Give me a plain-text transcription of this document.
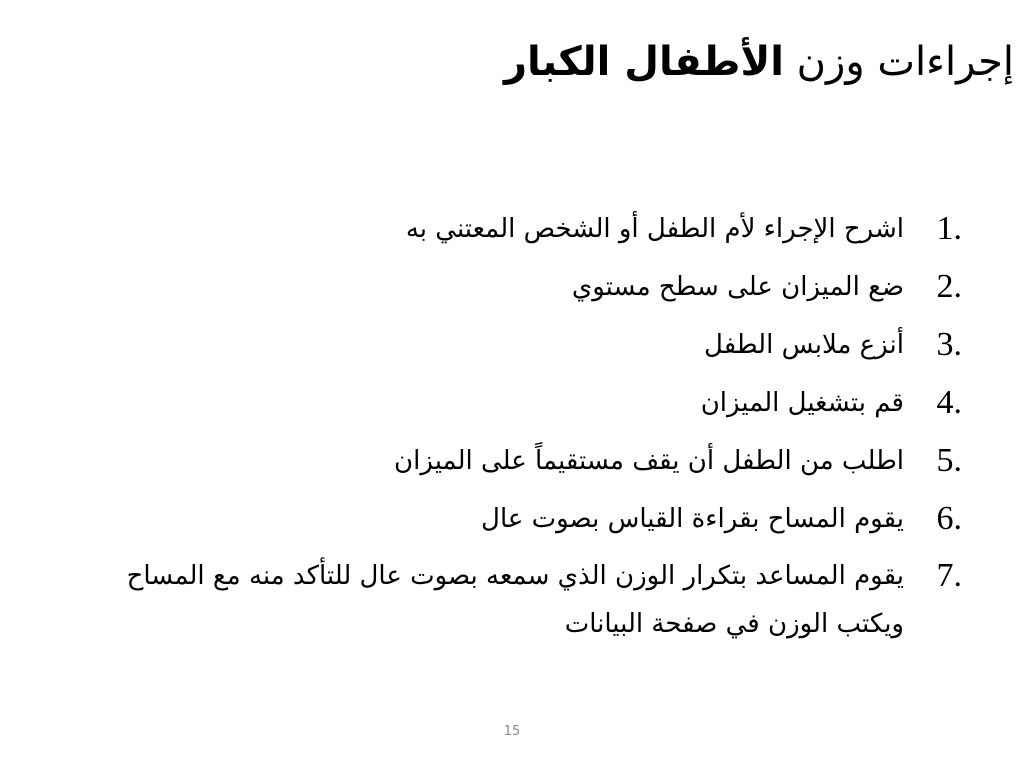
إجراءات وزن الأطفال الكبار
1.
اشرح الإجراء لأم الطفل أو الشخص المعتني به
2.
ضع الميزان على سطح مستوي
3.
أنزع ملابس الطفل
4.
قم بتشغيل الميزان
5.
اطلب من الطفل أن يقف مستقيماً على الميزان
6.
يقوم المساح بقراءة القياس بصوت عال
7.
يقوم المساعد بتكرار الوزن الذي سمعه بصوت عال للتأكد منه مع المساح ويكتب الوزن في صفحة البيانات
15
